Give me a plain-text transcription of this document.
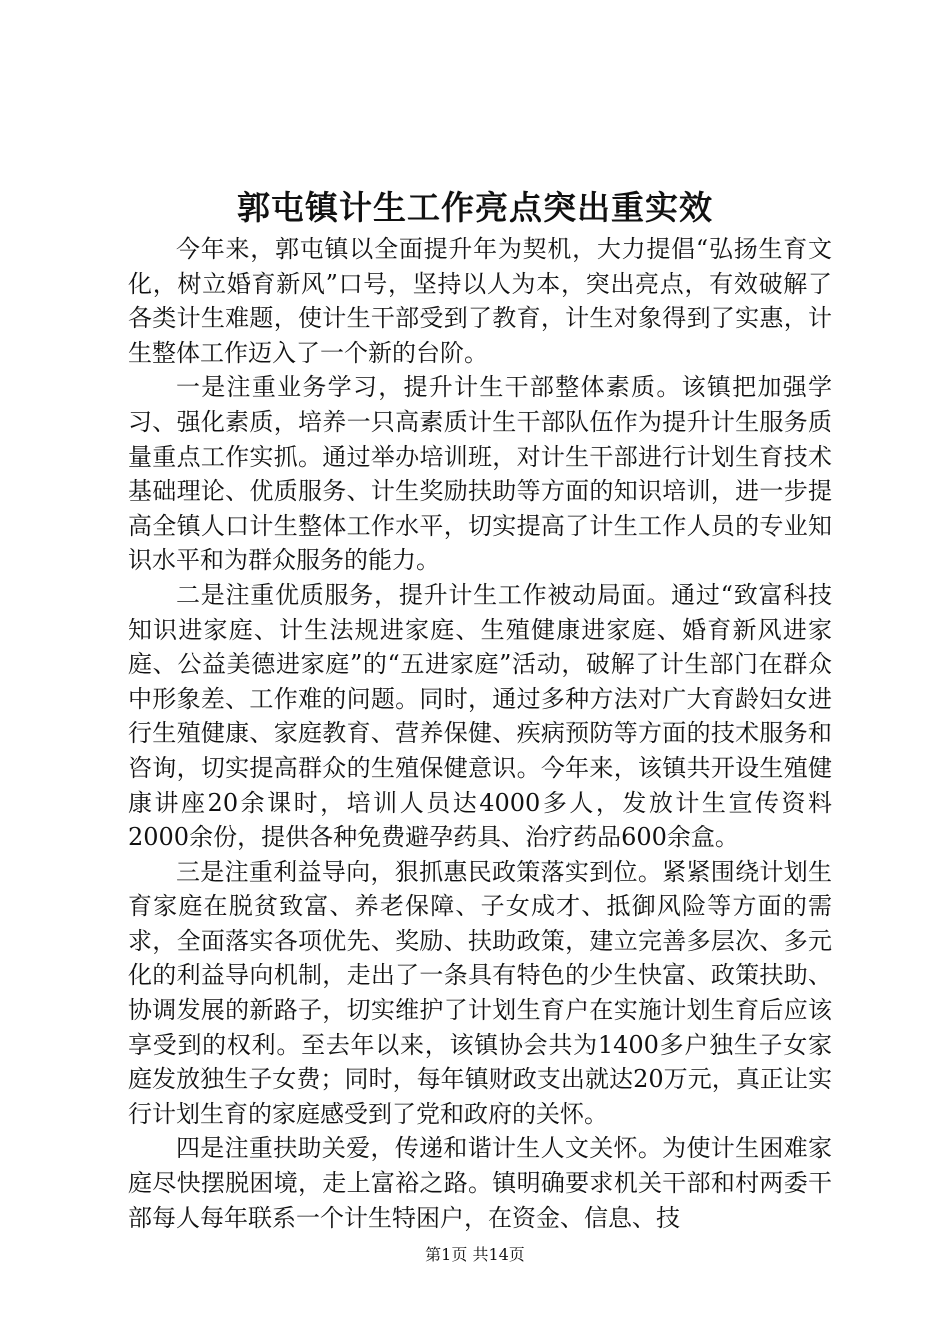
郭屯镇计生工作亮点突出重实效

今年来，郭屯镇以全面提升年为契机，大力提倡“弘扬生育文化，树立婚育新风”口号，坚持以人为本，突出亮点，有效破解了各类计生难题，使计生干部受到了教育，计生对象得到了实惠，计生整体工作迈入了一个新的台阶。

一是注重业务学习，提升计生干部整体素质。该镇把加强学习、强化素质，培养一只高素质计生干部队伍作为提升计生服务质量重点工作实抓。通过举办培训班，对计生干部进行计划生育技术基础理论、优质服务、计生奖励扶助等方面的知识培训，进一步提高全镇人口计生整体工作水平，切实提高了计生工作人员的专业知识水平和为群众服务的能力。

二是注重优质服务，提升计生工作被动局面。通过“致富科技知识进家庭、计生法规进家庭、生殖健康进家庭、婚育新风进家庭、公益美德进家庭”的“五进家庭”活动，破解了计生部门在群众中形象差、工作难的问题。同时，通过多种方法对广大育龄妇女进行生殖健康、家庭教育、营养保健、疾病预防等方面的技术服务和咨询，切实提高群众的生殖保健意识。今年来，该镇共开设生殖健康讲座20余课时，培训人员达4000多人，发放计生宣传资料2000余份，提供各种免费避孕药具、治疗药品600余盒。

三是注重利益导向，狠抓惠民政策落实到位。紧紧围绕计划生育家庭在脱贫致富、养老保障、子女成才、抵御风险等方面的需求，全面落实各项优先、奖励、扶助政策，建立完善多层次、多元化的利益导向机制，走出了一条具有特色的少生快富、政策扶助、协调发展的新路子，切实维护了计划生育户在实施计划生育后应该享受到的权利。至去年以来，该镇协会共为1400多户独生子女家庭发放独生子女费；同时，每年镇财政支出就达20万元，真正让实行计划生育的家庭感受到了党和政府的关怀。

四是注重扶助关爱，传递和谐计生人文关怀。为使计生困难家庭尽快摆脱困境，走上富裕之路。镇明确要求机关干部和村两委干部每人每年联系一个计生特困户，在资金、信息、技

第1页 共14页
